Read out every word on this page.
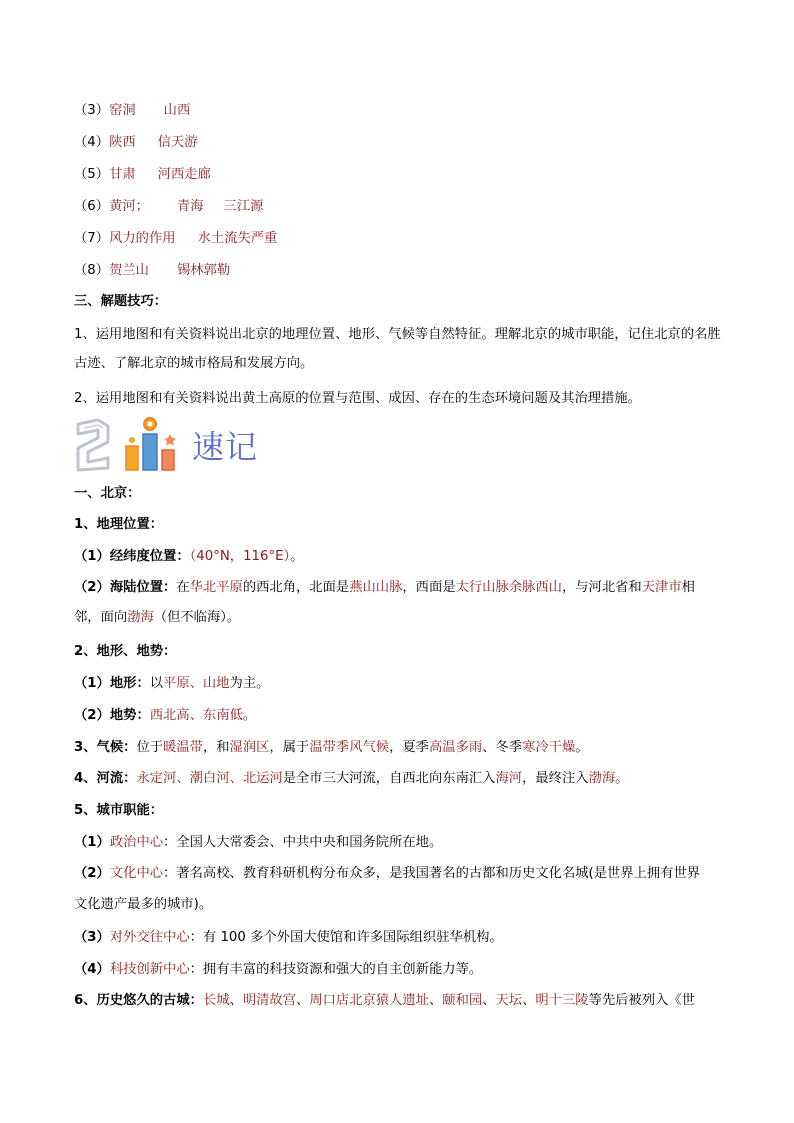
（3）窑洞 山西
（4）陕西 信天游
（5）甘肃 河西走廊
（6）黄河； 青海 三江源
（7）风力的作用 水土流失严重
（8）贺兰山 锡林郭勒
三、解题技巧：
1、运用地图和有关资料说出北京的地理位置、地形、气候等自然特征。理解北京的城市职能，记住北京的名胜古迹、了解北京的城市格局和发展方向。
2、运用地图和有关资料说出黄土高原的位置与范围、成因、存在的生态环境问题及其治理措施。
速记
一、北京：
1、地理位置：
（1）经纬度位置：（40°N，116°E）。
（2）海陆位置：在华北平原的西北角，北面是燕山山脉，西面是太行山脉余脉西山，与河北省和天津市相
邻，面向渤海（但不临海）。
2、地形、地势：
（1）地形：以平原、山地为主。
（2）地势：西北高、东南低。
3、气候：位于暖温带，和湿润区，属于温带季风气候，夏季高温多雨、冬季寒冷干燥。
4、河流：永定河、潮白河、北运河是全市三大河流，自西北向东南汇入海河，最终注入渤海。
5、城市职能：
（1）政治中心：全国人大常委会、中共中央和国务院所在地。
（2）文化中心：著名高校、教育科研机构分布众多，是我国著名的古都和历史文化名城(是世界上拥有世界
文化遗产最多的城市)。
（3）对外交往中心：有 100 多个外国大使馆和许多国际组织驻华机构。
（4）科技创新中心：拥有丰富的科技资源和强大的自主创新能力等。
6、历史悠久的古城：长城、明清故宫、周口店北京猿人遗址、颐和园、天坛、明十三陵等先后被列入《世
